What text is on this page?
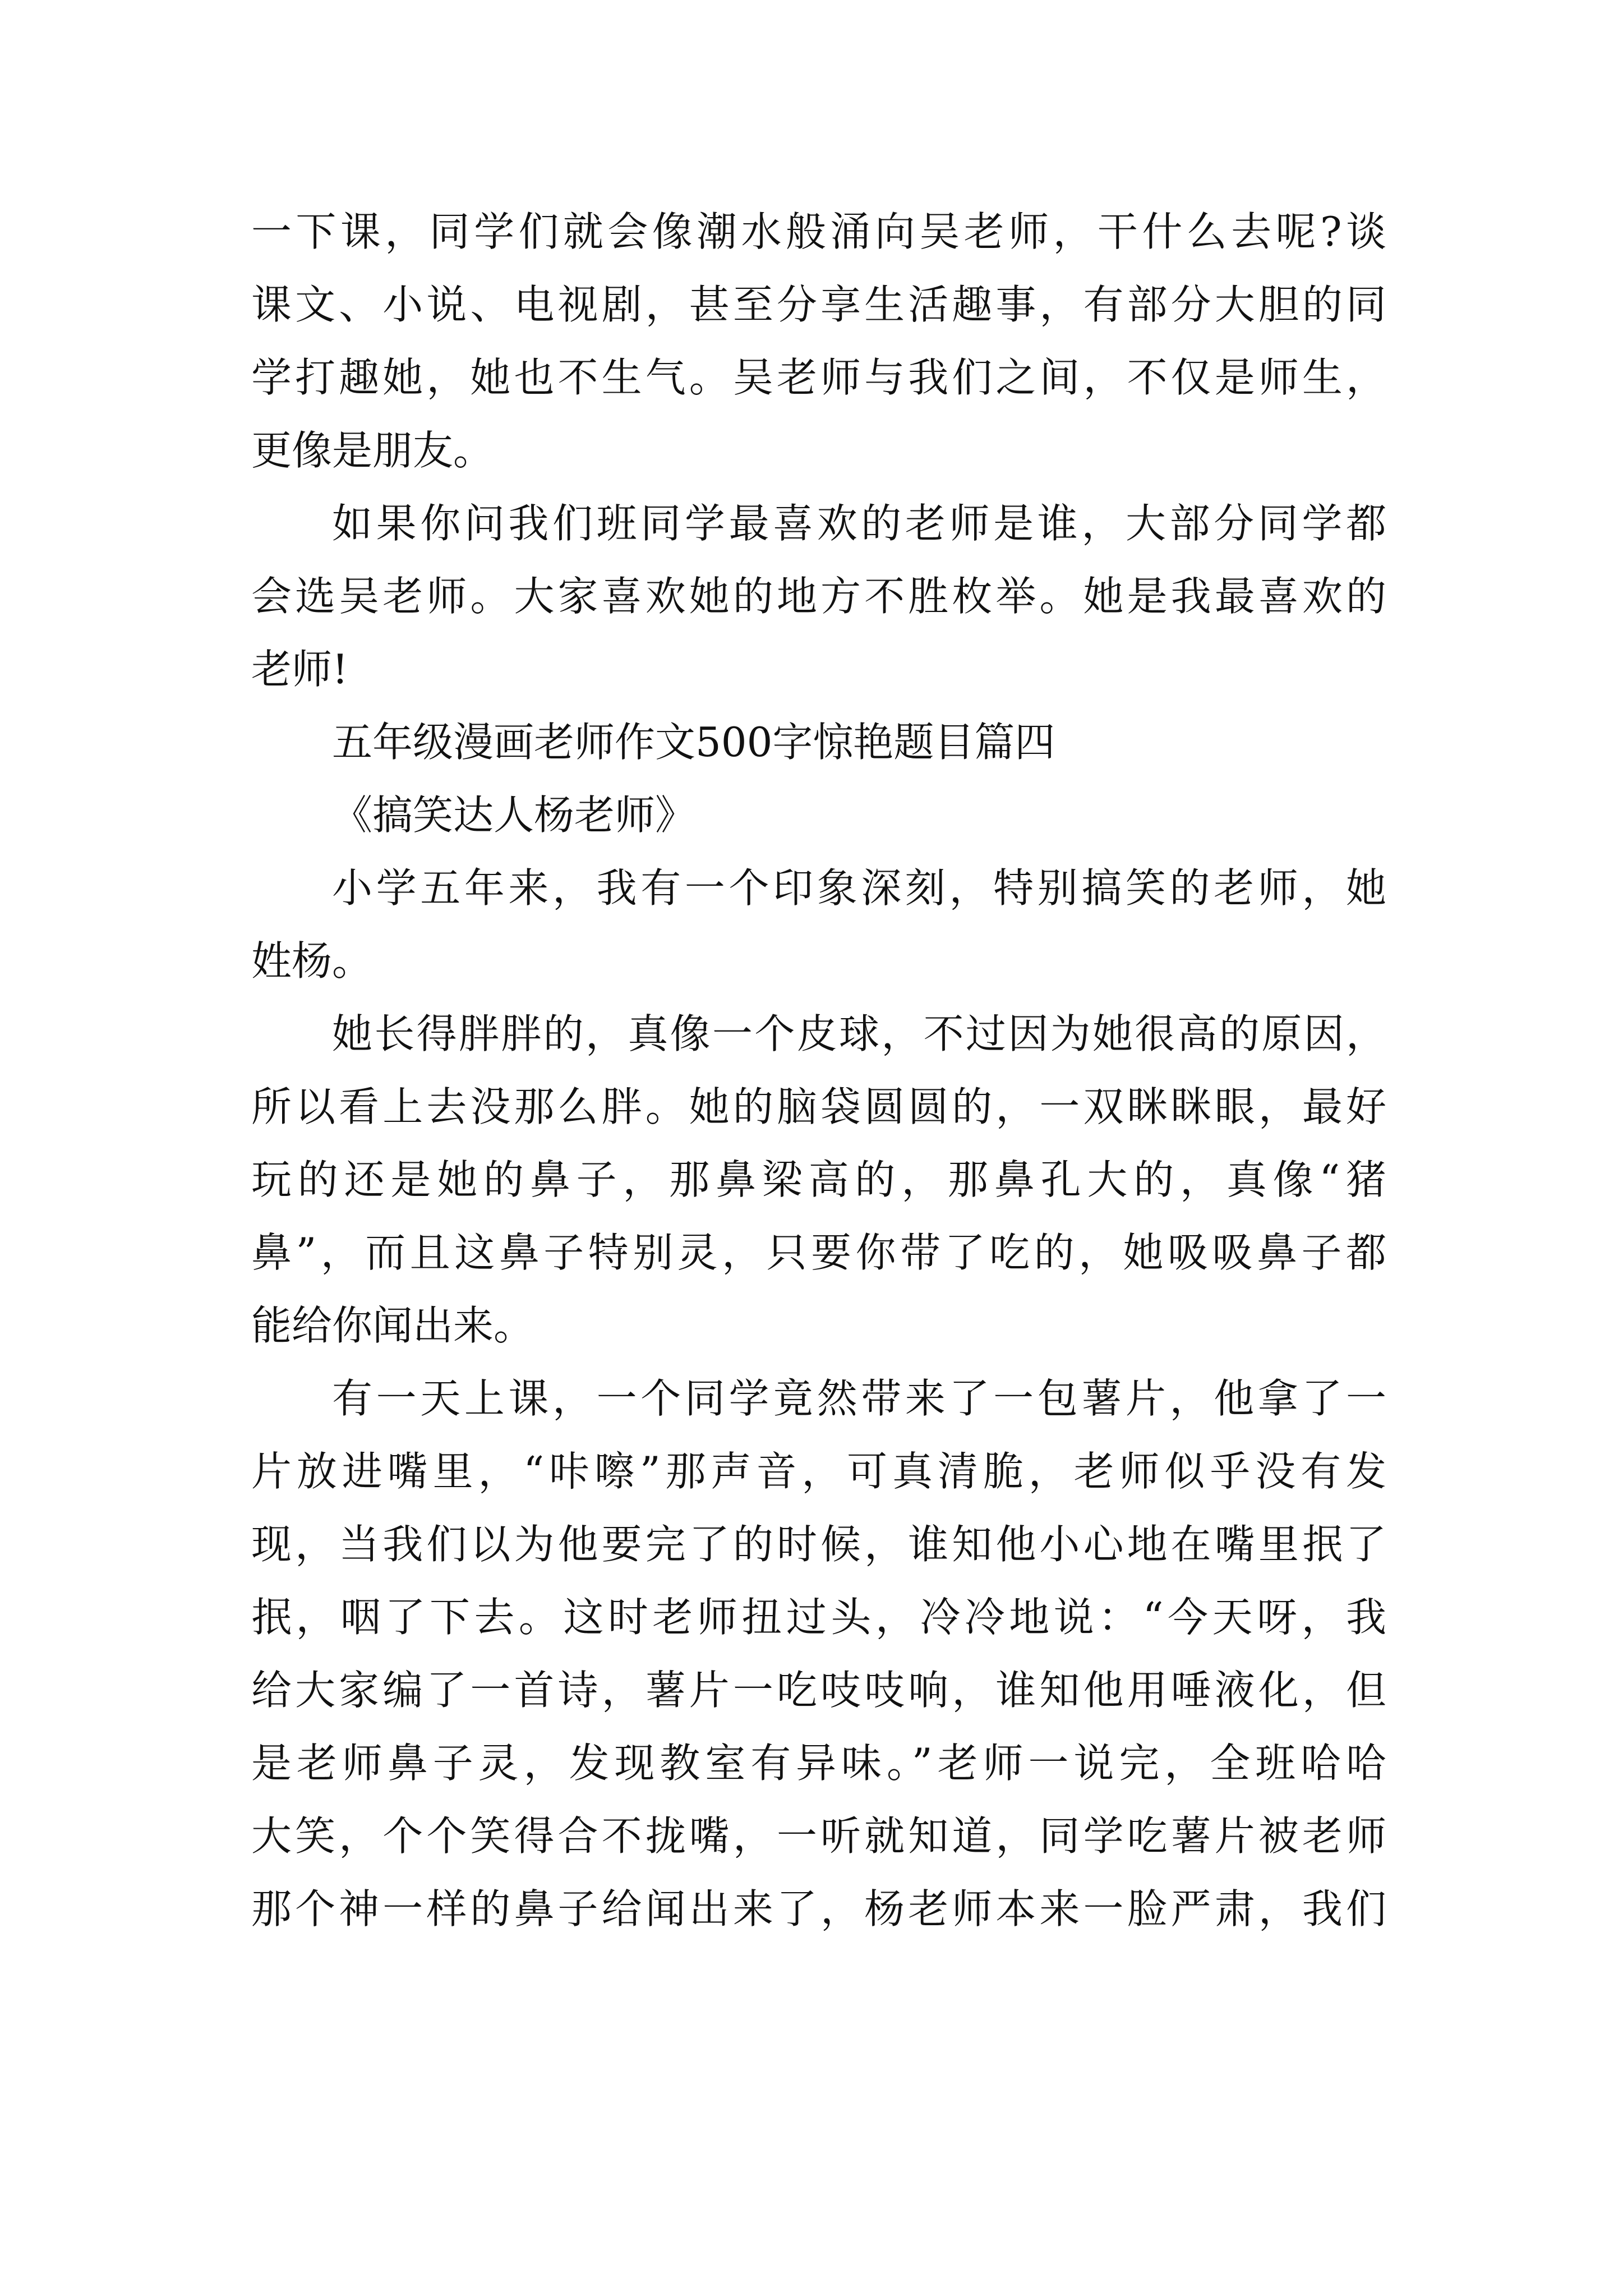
一下课，同学们就会像潮水般涌向吴老师，干什么去呢?谈
课文、小说、电视剧，甚至分享生活趣事，有部分大胆的同
学打趣她，她也不生气。吴老师与我们之间，不仅是师生，
更像是朋友。
如果你问我们班同学最喜欢的老师是谁，大部分同学都
会选吴老师。大家喜欢她的地方不胜枚举。她是我最喜欢的
老师!
五年级漫画老师作文500字惊艳题目篇四
《搞笑达人杨老师》
小学五年来，我有一个印象深刻，特别搞笑的老师，她
姓杨。
她长得胖胖的，真像一个皮球，不过因为她很高的原因，
所以看上去没那么胖。她的脑袋圆圆的，一双眯眯眼，最好
玩的还是她的鼻子，那鼻梁高的，那鼻孔大的，真像“猪
鼻”，而且这鼻子特别灵，只要你带了吃的，她吸吸鼻子都
能给你闻出来。
有一天上课，一个同学竟然带来了一包薯片，他拿了一
片放进嘴里，“咔嚓”那声音，可真清脆，老师似乎没有发
现，当我们以为他要完了的时候，谁知他小心地在嘴里抿了
抿，咽了下去。这时老师扭过头，冷冷地说：“今天呀，我
给大家编了一首诗，薯片一吃吱吱响，谁知他用唾液化，但
是老师鼻子灵，发现教室有异味。”老师一说完，全班哈哈
大笑，个个笑得合不拢嘴，一听就知道，同学吃薯片被老师
那个神一样的鼻子给闻出来了，杨老师本来一脸严肃，我们
